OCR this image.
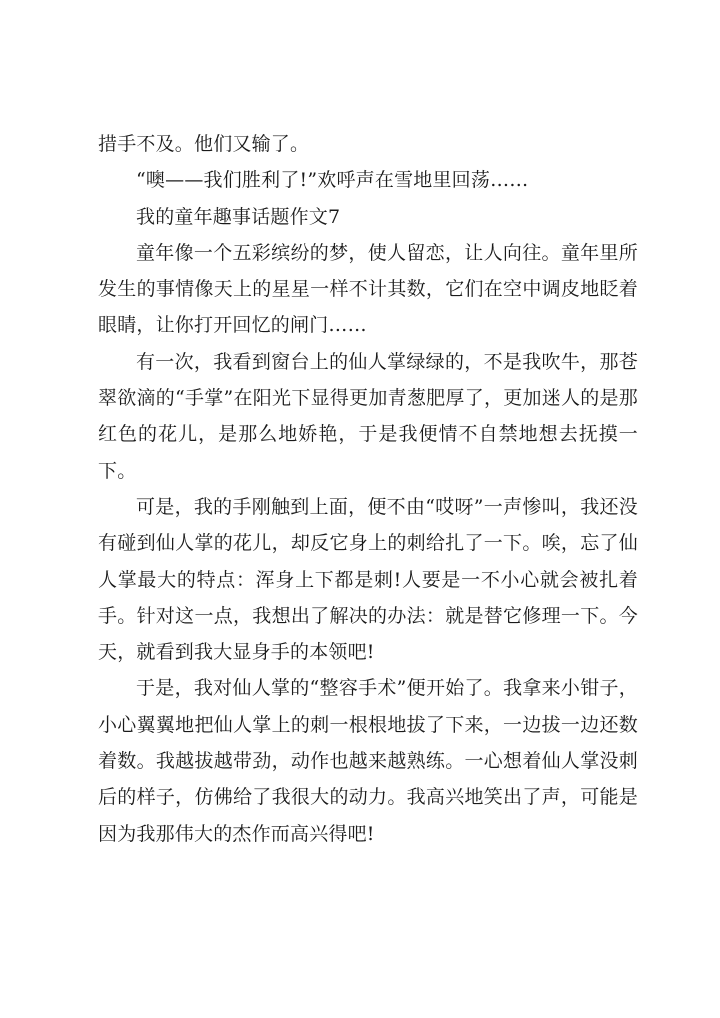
措手不及。他们又输了。

“噢——我们胜利了!”欢呼声在雪地里回荡……

我的童年趣事话题作文7

童年像一个五彩缤纷的梦，使人留恋，让人向往。童年里所发生的事情像天上的星星一样不计其数，它们在空中调皮地眨着眼睛，让你打开回忆的闸门……

有一次，我看到窗台上的仙人掌绿绿的，不是我吹牛，那苍翠欲滴的“手掌”在阳光下显得更加青葱肥厚了，更加迷人的是那红色的花儿，是那么地娇艳，于是我便情不自禁地想去抚摸一下。

可是，我的手刚触到上面，便不由“哎呀”一声惨叫，我还没有碰到仙人掌的花儿，却反它身上的刺给扎了一下。唉，忘了仙人掌最大的特点：浑身上下都是刺!人要是一不小心就会被扎着手。针对这一点，我想出了解决的办法：就是替它修理一下。今天，就看到我大显身手的本领吧!

于是，我对仙人掌的“整容手术”便开始了。我拿来小钳子，小心翼翼地把仙人掌上的刺一根根地拔了下来，一边拔一边还数着数。我越拔越带劲，动作也越来越熟练。一心想着仙人掌没刺后的样子，仿佛给了我很大的动力。我高兴地笑出了声，可能是因为我那伟大的杰作而高兴得吧!
